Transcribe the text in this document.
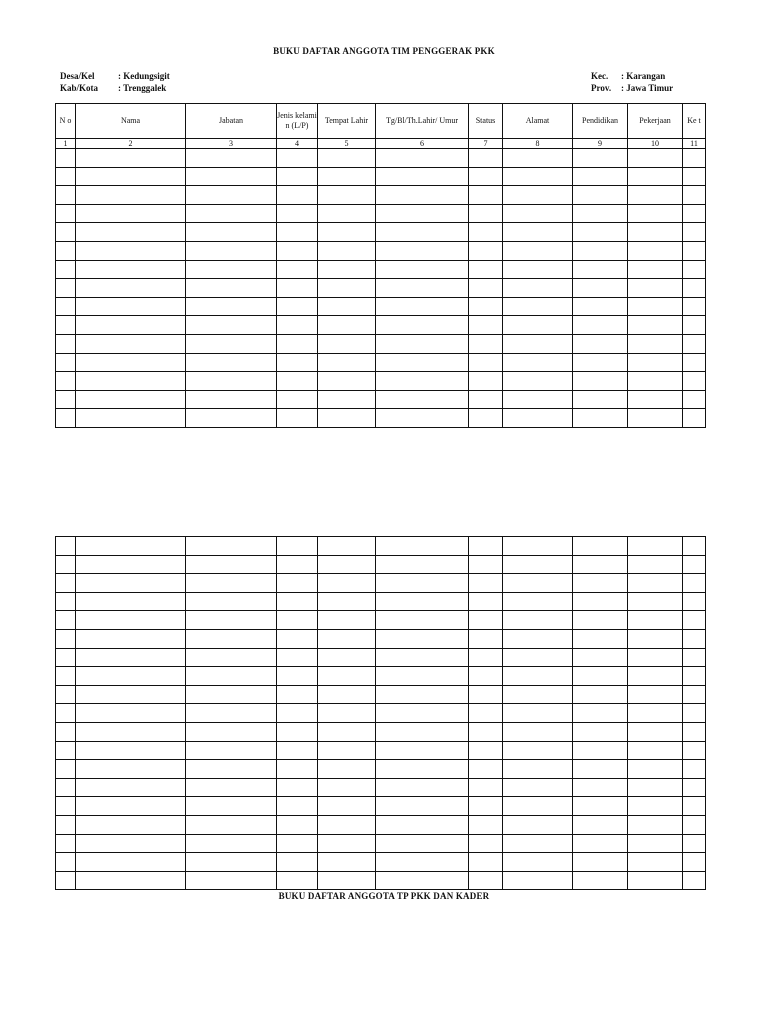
BUKU DAFTAR ANGGOTA TIM PENGGERAK PKK
Desa/Kel	: Kedungsigit
Kab/Kota	: Trenggalek
Kec.	: Karangan
Prov.	: Jawa Timur
N o	Nama	Jabatan	Jenis kelami n (L/P)	Tempat Lahir	Tg/Bl/Th.Lahir/ Umur	Status	Alamat	Pendidikan	Pekerjaan	Ke t
1	2	3	4	5	6	7	8	9	10	11

BUKU DAFTAR ANGGOTA TP PKK DAN KADER
